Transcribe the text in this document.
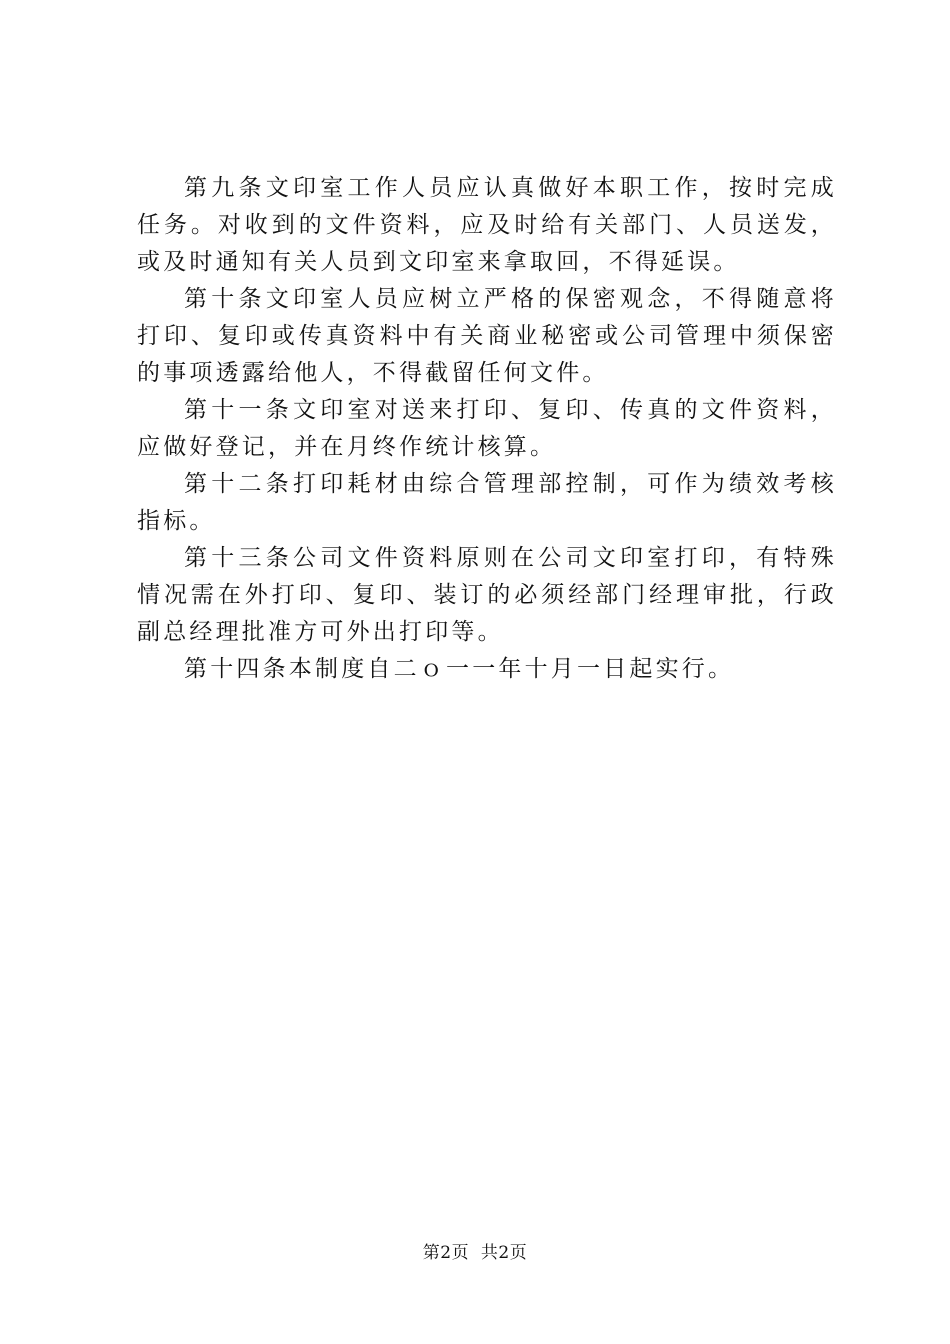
第九条文印室工作人员应认真做好本职工作，按时完成任务。对收到的文件资料，应及时给有关部门、人员送发，或及时通知有关人员到文印室来拿取回，不得延误。

第十条文印室人员应树立严格的保密观念，不得随意将打印、复印或传真资料中有关商业秘密或公司管理中须保密的事项透露给他人，不得截留任何文件。

第十一条文印室对送来打印、复印、传真的文件资料，应做好登记，并在月终作统计核算。

第十二条打印耗材由综合管理部控制，可作为绩效考核指标。

第十三条公司文件资料原则在公司文印室打印，有特殊情况需在外打印、复印、装订的必须经部门经理审批，行政副总经理批准方可外出打印等。

第十四条本制度自二ｏ一一年十月一日起实行。

第2页 共2页
